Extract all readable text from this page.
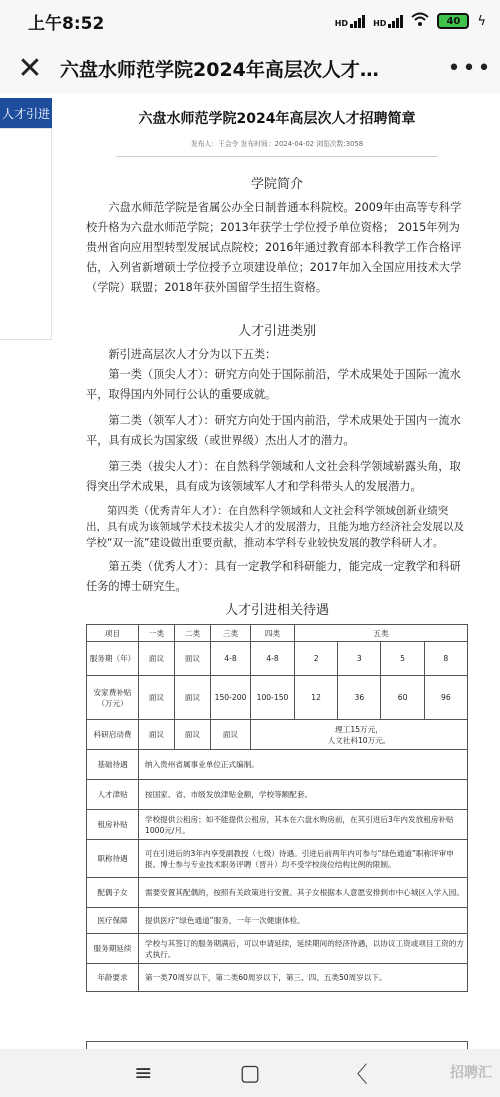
上午8:52	HD	HD	40	ϟ
✕ 六盘水师范学院2024年高层次人才…	•••
人才引进	六盘水师范学院2024年高层次人才招聘简章
发布人：王会令 发布时间：2024-04-02 浏览次数:3058
学院简介

六盘水师范学院是省属公办全日制普通本科院校。2009年由高等专科学校升格为六盘水师范学院；2013年获学士学位授予单位资格； 2015年列为贵州省向应用型转型发展试点院校；2016年通过教育部本科教学工作合格评估，入列省新增硕士学位授予立项建设单位；2017年加入全国应用技术大学（学院）联盟；2018年获外国留学生招生资格。

人才引进类别

新引进高层次人才分为以下五类：

第一类（顶尖人才）：研究方向处于国际前沿，学术成果处于国际一流水平，取得国内外同行公认的重要成就。

第二类（领军人才）：研究方向处于国内前沿，学术成果处于国内一流水平，具有成长为国家级（或世界级）杰出人才的潜力。

第三类（拔尖人才）：在自然科学领域和人文社会科学领域崭露头角，取得突出学术成果，具有成为该领域军人才和学科带头人的发展潜力。

第四类（优秀青年人才）：在自然科学领域和人文社会科学领域创新业绩突出，具有成为该领域学术技术拔尖人才的发展潜力，且能为地方经济社会发展以及学校“双一流”建设做出重要贡献，推动本学科专业较快发展的教学科研人才。

第五类（优秀人才）：具有一定教学和科研能力，能完成一定教学和科研任务的博士研究生。

人才引进相关待遇
项目	一类	二类	三类	四类	五类			
服务期（年）	面议	面议	4-8	4-8	2	3	5	8
安家费补贴（万元）	面议	面议	150-200	100-150	12	36	60	96
科研启动费	面议	面议	面议	理工15万元，
人文社科10万元。				

基础待遇	纳入贵州省属事业单位正式编制。							
人才津贴	按国家、省、市级发放津贴金额，学校等额配套。							
租房补贴	学校提供公租房；如不能提供公租房，其本在六盘水购房前，在其引进后3年内发放租房补贴1000元/月。							
职称待遇	可在引进后的3年内享受副教授（七级）待遇。引进后前两年内可参与“绿色通道”职称评审申报。博士参与专业技术职务评聘（晋升）均不受学校岗位结构比例的限制。							
配偶子女	需要安置其配偶的，按照有关政策进行安置。其子女根据本人意愿安排到市中心城区入学入园。							
医疗保障	提供医疗“绿色通道”服务，一年一次健康体检。							
服务期延续	学校与其签订的服务期满后，可以申请延续，延续期间的经济待遇，以协议工资或项目工资的方式执行。							
年龄要求	第一类70周岁以下，第二类60周岁以下，第三、四、五类50周岁以下。							
≡	▢	〈	招聘汇
